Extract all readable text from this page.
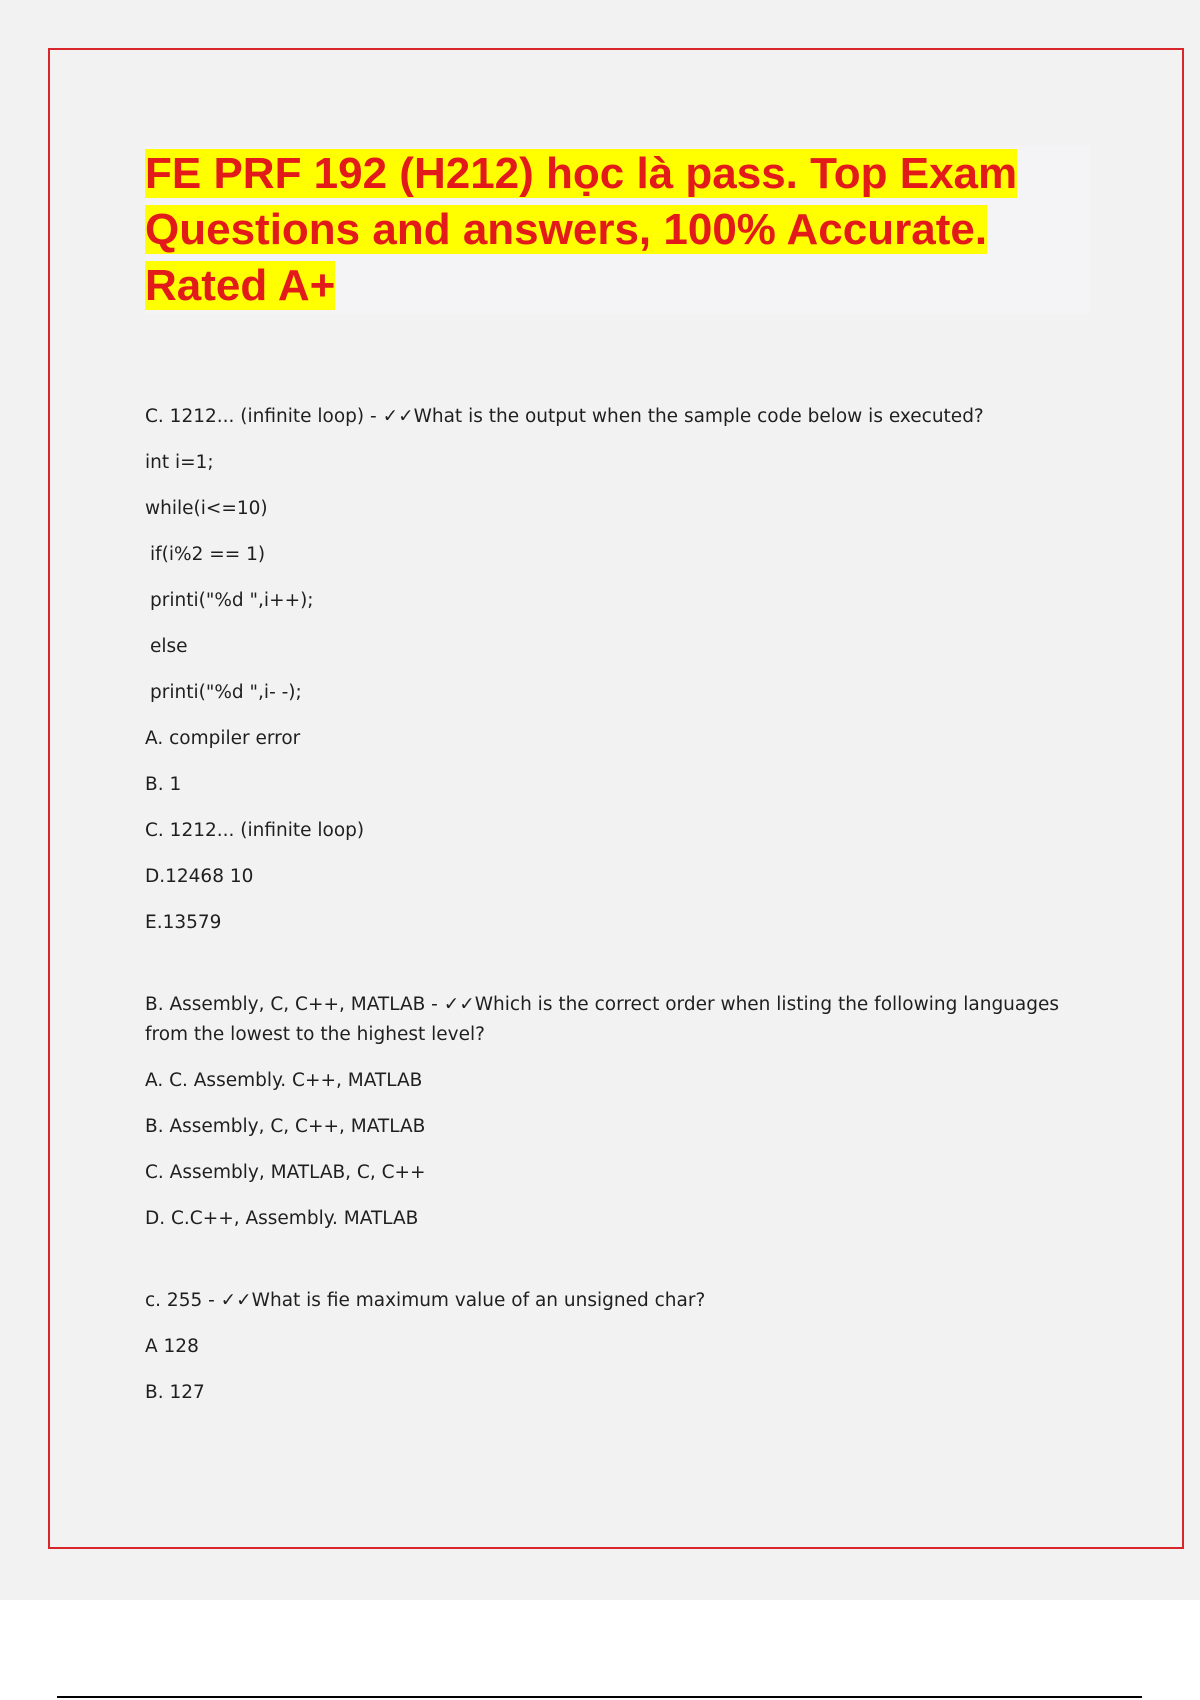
FE PRF 192 (H212) học là pass. Top Exam Questions and answers, 100% Accurate. Rated A+

C. 1212... (infinite loop) - ✓✓What is the output when the sample code below is executed?

int i=1;

while(i<=10)

if(i%2 == 1)

printi("%d ",i++);

else

printi("%d ",i- -);

A. compiler error

B. 1

C. 1212... (infinite loop)

D.12468 10

E.13579

B. Assembly, C, C++, MATLAB - ✓✓Which is the correct order when listing the following languages from the lowest to the highest level?

A. C. Assembly. C++, MATLAB

B. Assembly, C, C++, MATLAB

C. Assembly, MATLAB, C, C++

D. C.C++, Assembly. MATLAB

c. 255 - ✓✓What is fie maximum value of an unsigned char?

A 128

B. 127
